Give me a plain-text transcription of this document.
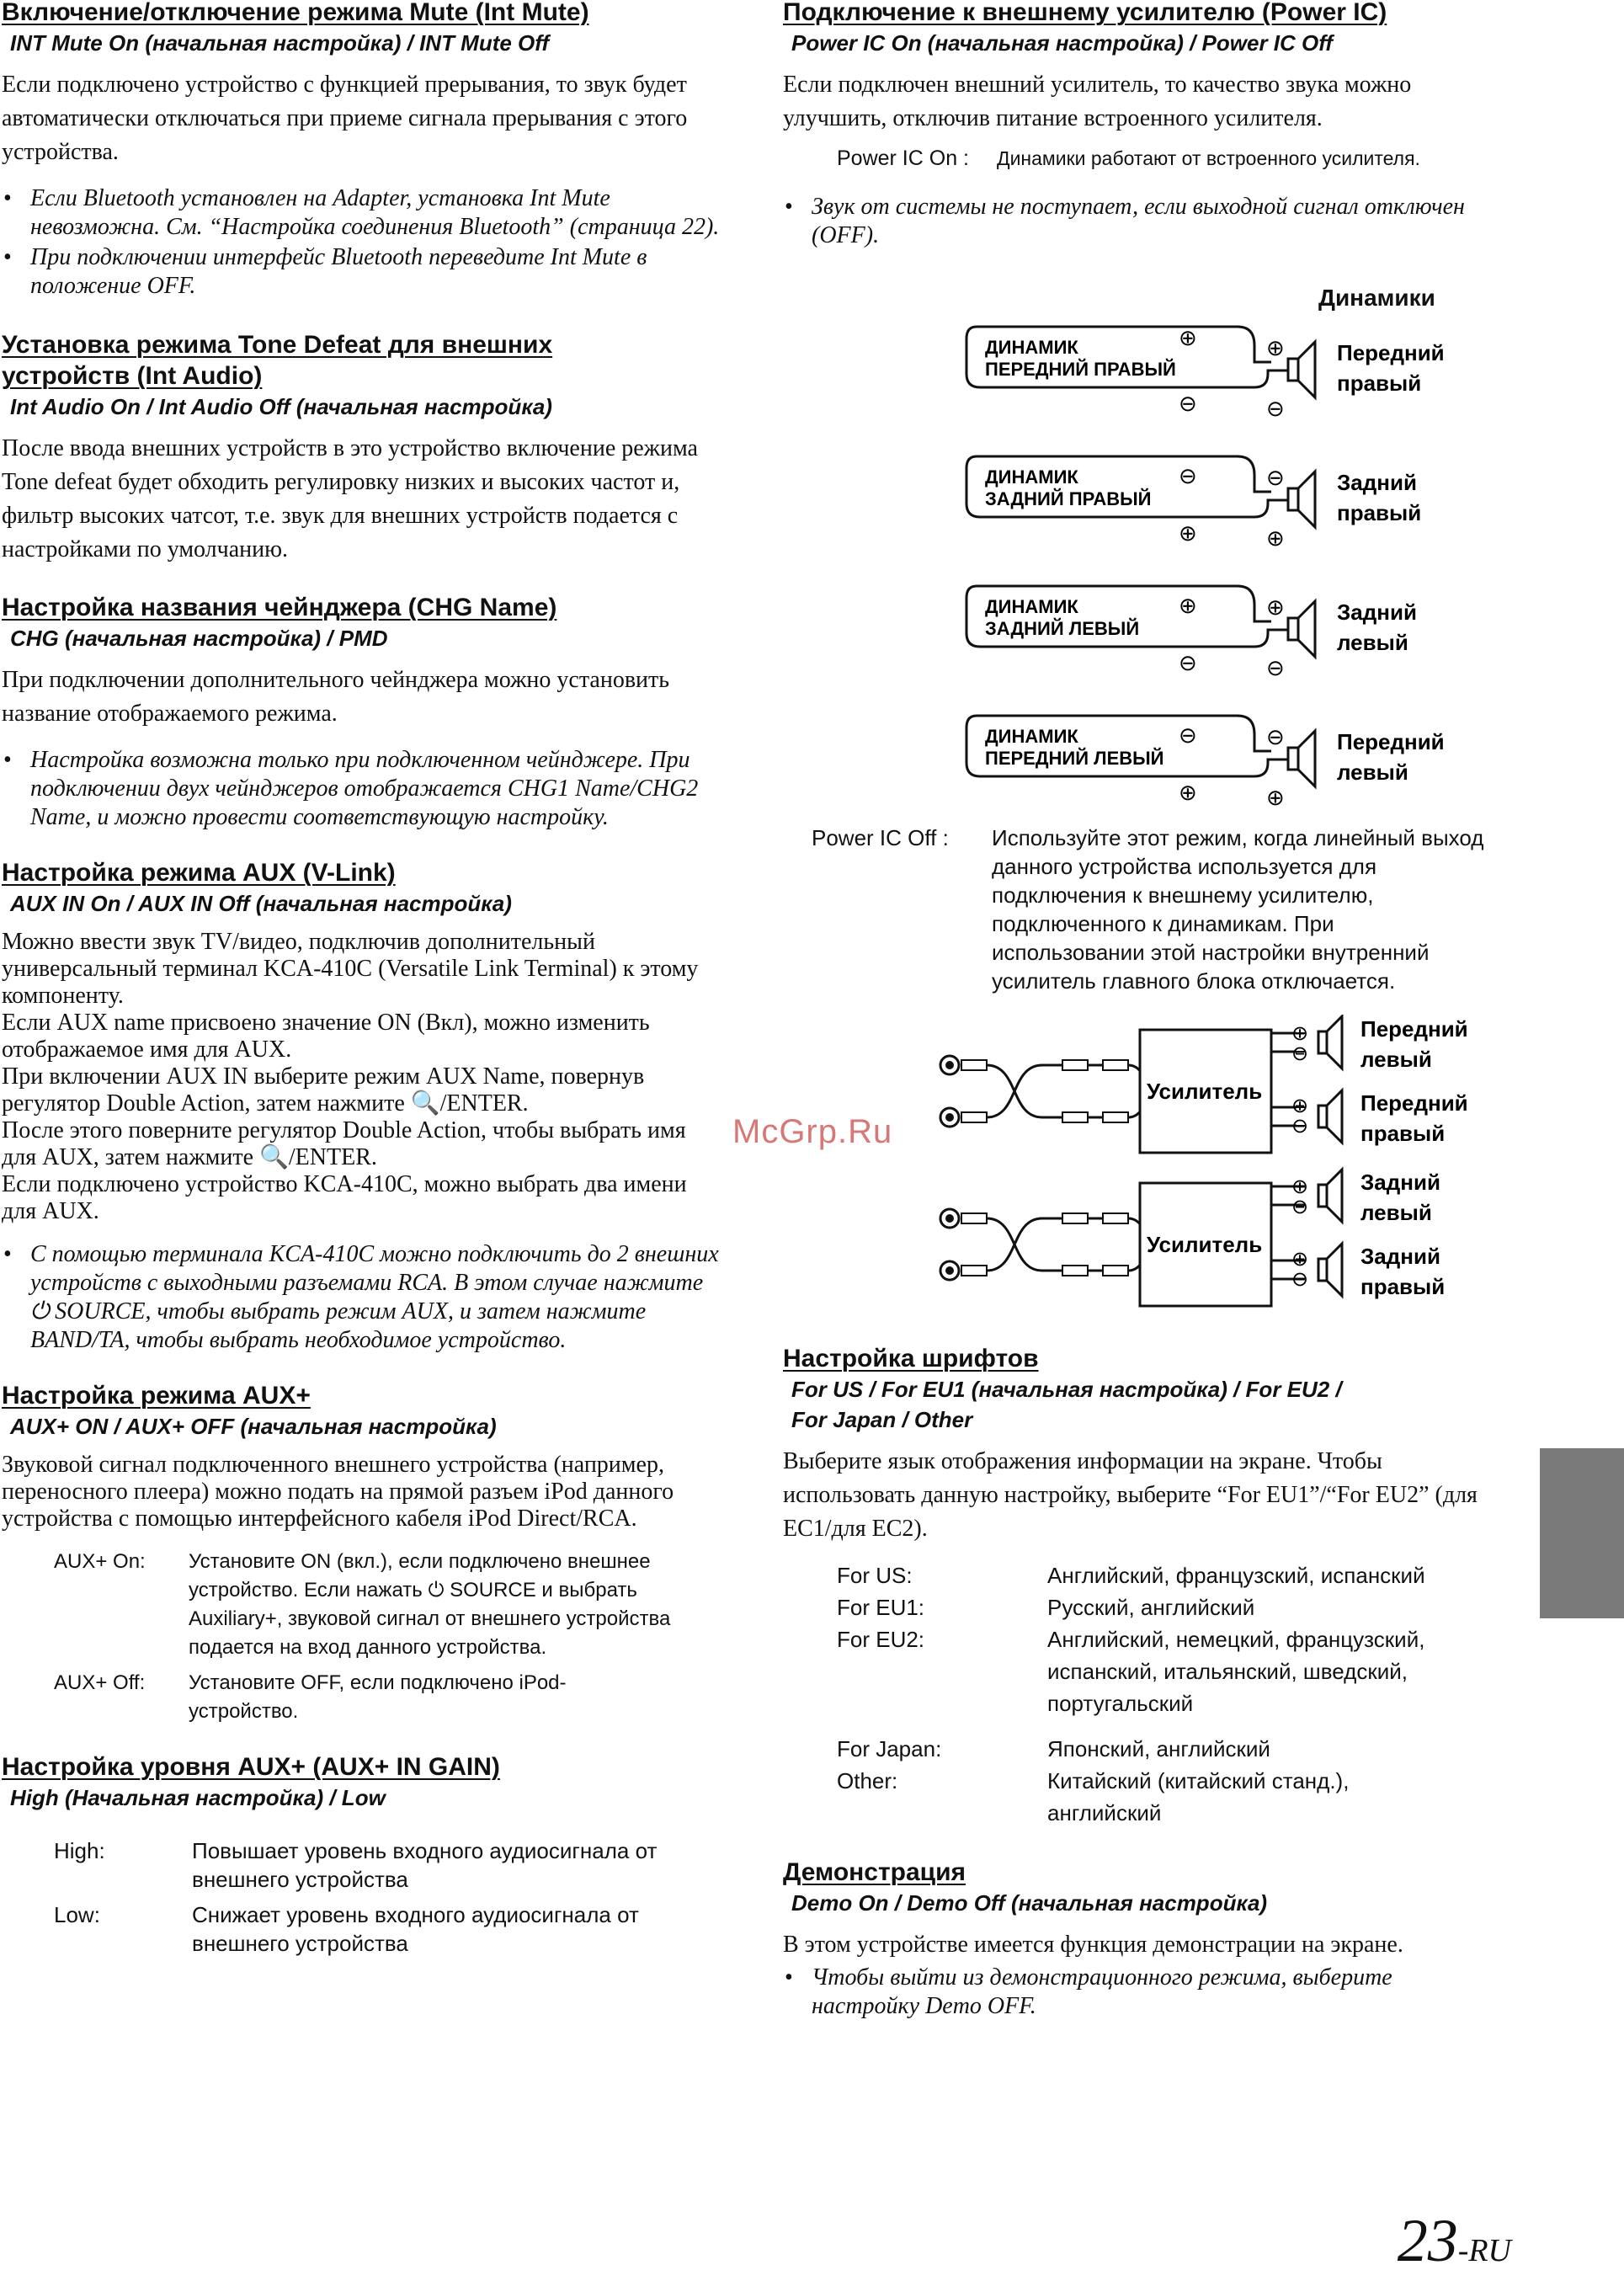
Включение/отключение режима Mute (Int Mute)
INT Mute On (начальная настройка) / INT Mute Off

Если подключено устройство с функцией прерывания, то звук будет автоматически отключаться при приеме сигнала прерывания с этого устройства.

• Если Bluetooth установлен на Adapter, установка Int Mute невозможна. См. “Настройка соединения Bluetooth” (страница 22).
• При подключении интерфейс Bluetooth переведите Int Mute в положение OFF.
Установка режима Tone Defeat для внешних устройств (Int Audio)
Int Audio On / Int Audio Off (начальная настройка)

После ввода внешних устройств в это устройство включение режима Tone defeat будет обходить регулировку низких и высоких частот и, фильтр высоких чатсот, т.е. звук для внешних устройств подается с настройками по умолчанию.

Настройка названия чейнджера (CHG Name)
CHG (начальная настройка) / PMD

При подключении дополнительного чейнджера можно установить название отображаемого режима.

• Настройка возможна только при подключенном чейнджере. При подключении двух чейнджеров отображается CHG1 Name/CHG2 Name, и можно провести соответствующую настройку.
Настройка режима AUX (V-Link)
AUX IN On / AUX IN Off (начальная настройка)

Можно ввести звук TV/видео, подключив дополнительный универсальный терминал KCA-410C (Versatile Link Terminal) к этому компоненту.

Если AUX name присвоено значение ON (Вкл), можно изменить отображаемое имя для AUX.

При включении AUX IN выберите режим AUX Name, повернув регулятор Double Action, затем нажмите 🔍/ENTER.

После этого поверните регулятор Double Action, чтобы выбрать имя для AUX, затем нажмите 🔍/ENTER.

Если подключено устройство KCA-410C, можно выбрать два имени для AUX.

• С помощью терминала KCA-410C можно подключить до 2 внешних устройств с выходными разъемами RCA. В этом случае нажмите ⏻ SOURCE, чтобы выбрать режим AUX, и затем нажмите BAND/TA, чтобы выбрать необходимое устройство.
Настройка режима AUX+
AUX+ ON / AUX+ OFF (начальная настройка)

Звуковой сигнал подключенного внешнего устройства (например, переносного плеера) можно подать на прямой разъем iPod данного устройства с помощью интерфейсного кабеля iPod Direct/RCA.

AUX+ On:	Установите ON (вкл.), если подключено внешнее устройство. Если нажать ⏻ SOURCE и выбрать Auxiliary+, звуковой сигнал от внешнего устройства подается на вход данного устройства.
AUX+ Off:	Установите OFF, если подключено iPod-устройство.
Настройка уровня AUX+ (AUX+ IN GAIN)
High (Начальная настройка) / Low
High:	Повышает уровень входного аудиосигнала от внешнего устройства
Low:	Снижает уровень входного аудиосигнала от внешнего устройства
Подключение к внешнему усилителю (Power IC)
Power IC On (начальная настройка) / Power IC Off

Если подключен внешний усилитель, то качество звука можно улучшить, отключив питание встроенного усилителя.

Power IC On :	Динамики работают от встроенного усилителя.
• Звук от системы не поступает, если выходной сигнал отключен (OFF).
Динамики
ДИНАМИК
ПЕРЕДНИЙ ПРАВЫЙ
⊕
⊖
⊕
⊖
Передний
правый
ДИНАМИК
ЗАДНИЙ ПРАВЫЙ
⊖
⊕
⊖
⊕
Задний
правый
ДИНАМИК
ЗАДНИЙ ЛЕВЫЙ
⊕
⊖
⊕
⊖
Задний
левый
ДИНАМИК
ПЕРЕДНИЙ ЛЕВЫЙ
⊖
⊕
⊖
⊕
Передний
левый
Power IC Off :	Используйте этот режим, когда линейный выход данного устройства используется для подключения к внешнему усилителю, подключенного к динамикам. При использовании этой настройки внутренний усилитель главного блока отключается.
Усилитель
⊕
⊖
⊕
⊖
Передний
левый
Передний
правый
Усилитель
⊕
⊖
⊕
⊖
Задний
левый
Задний
правый
Настройка шрифтов
For US / For EU1 (начальная настройка) / For EU2 /
For Japan / Other

Выберите язык отображения информации на экране. Чтобы использовать данную настройку, выберите “For EU1”/“For EU2” (для EC1/для EC2).

For US:	Английский, французский, испанский
For EU1:	Русский, английский
For EU2:	Английский, немецкий, французский, испанский, итальянский, шведский, португальский
For Japan:	Японский, английский
Other:	Китайский (китайский станд.), английский
Демонстрация
Demo On / Demo Off (начальная настройка)

В этом устройстве имеется функция демонстрации на экране.

• Чтобы выйти из демонстрационного режима, выберите настройку Demo OFF.
McGrp.Ru
23-RU
